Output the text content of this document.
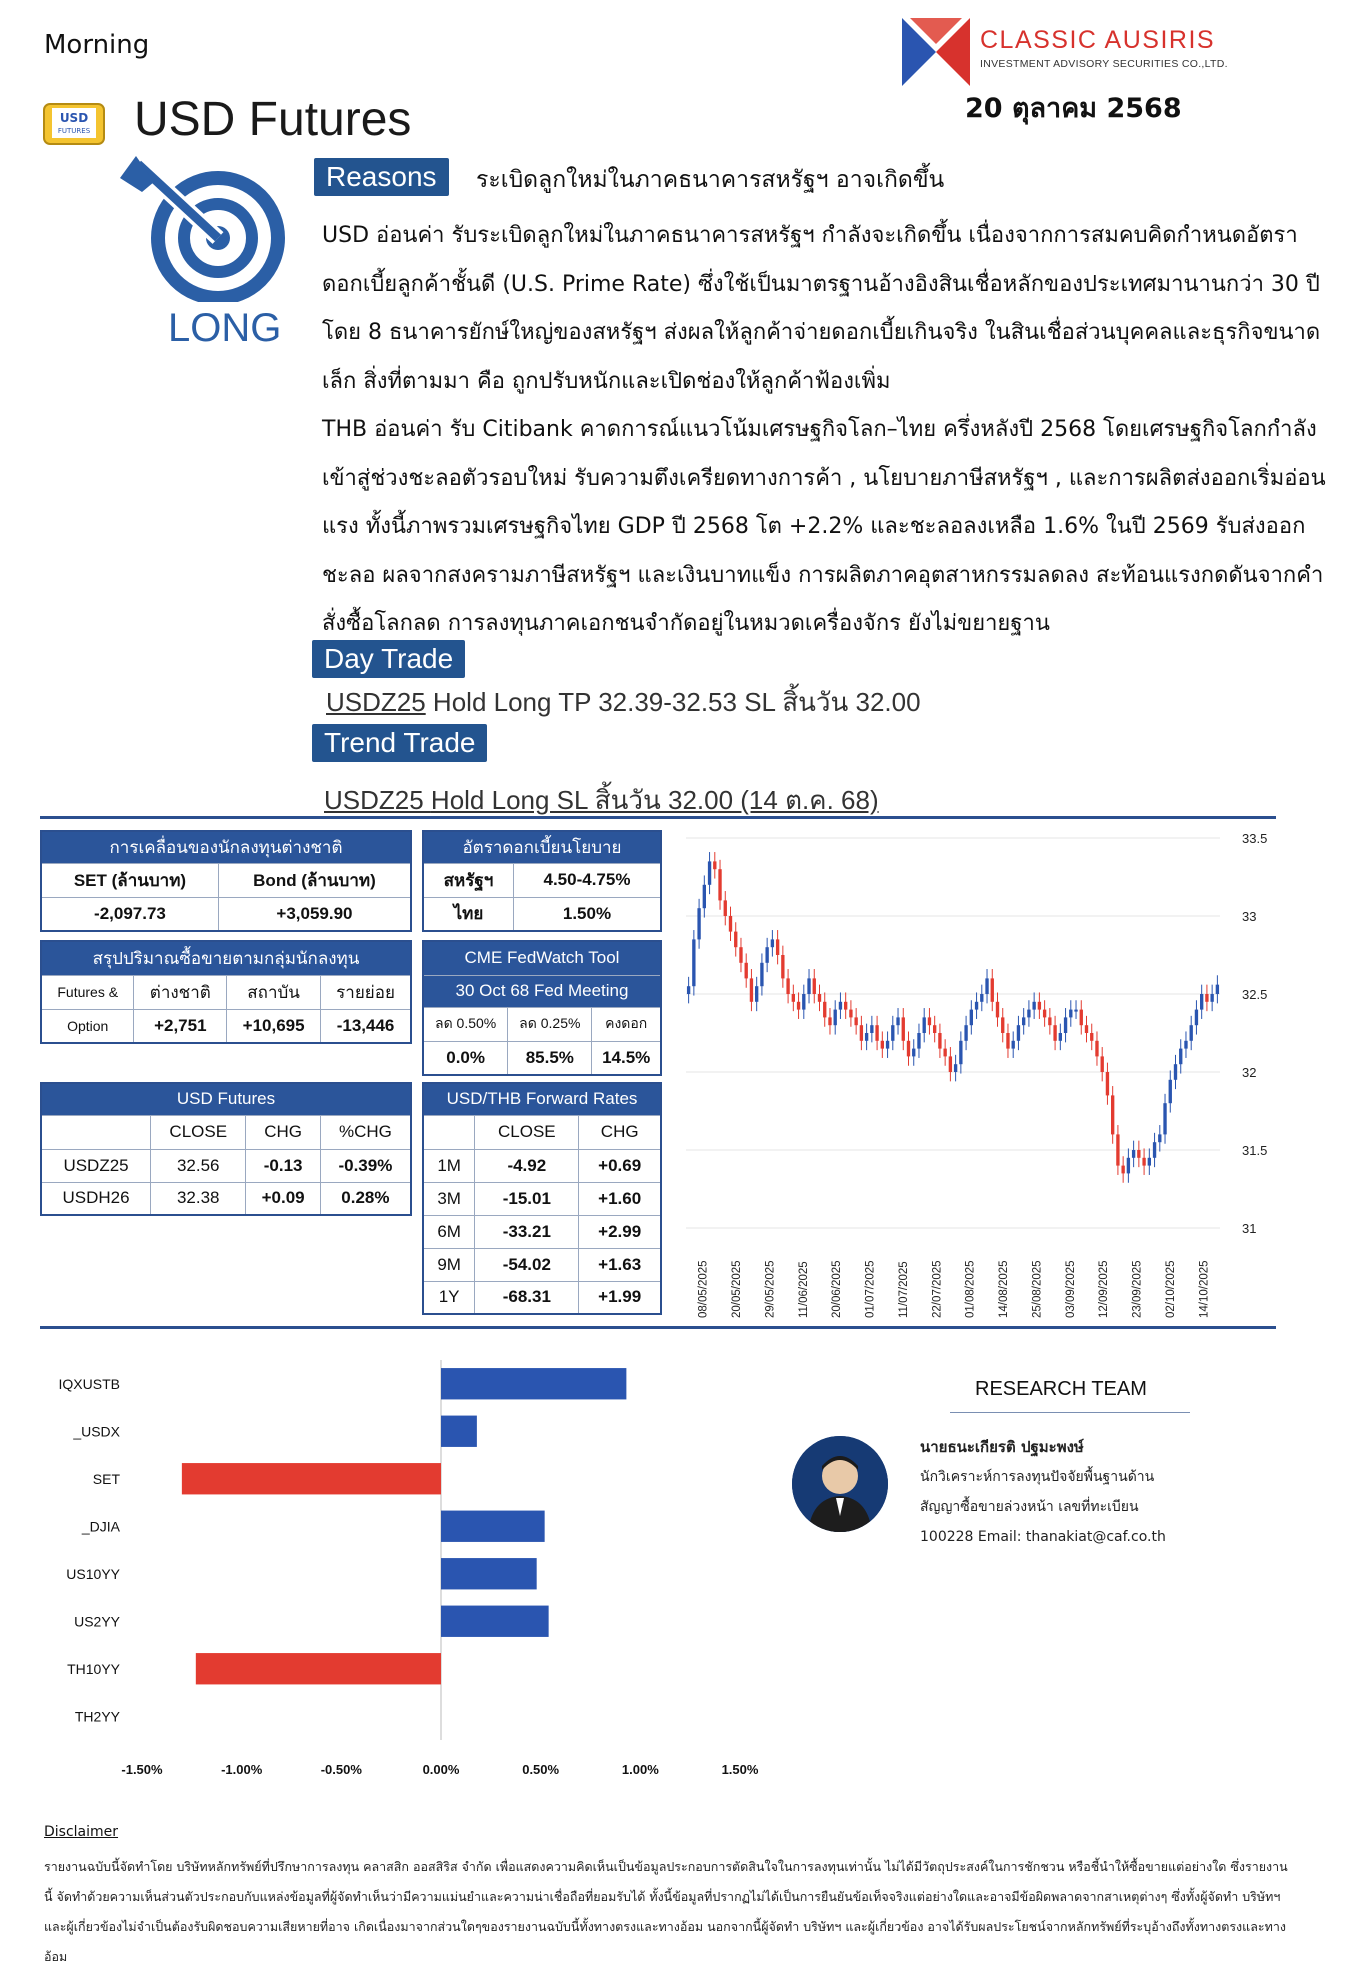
Morning	CLASSIC AUSIRIS
INVESTMENT ADVISORY SECURITIES CO.,LTD.
20 ตุลาคม 2568
USD
FUTURES USD Futures
LONG
Reasons	ระเบิดลูกใหม่ในภาคธนาคารสหรัฐฯ อาจเกิดขึ้น

USD อ่อนค่า รับระเบิดลูกใหม่ในภาคธนาคารสหรัฐฯ กำลังจะเกิดขึ้น เนื่องจากการสมคบคิดกำหนดอัตราดอกเบี้ยลูกค้าชั้นดี (U.S. Prime Rate) ซึ่งใช้เป็นมาตรฐานอ้างอิงสินเชื่อหลักของประเทศมานานกว่า 30 ปี โดย 8 ธนาคารยักษ์ใหญ่ของสหรัฐฯ ส่งผลให้ลูกค้าจ่ายดอกเบี้ยเกินจริง ในสินเชื่อส่วนบุคคลและธุรกิจขนาดเล็ก สิ่งที่ตามมา คือ ถูกปรับหนักและเปิดช่องให้ลูกค้าฟ้องเพิ่ม

THB อ่อนค่า รับ Citibank คาดการณ์แนวโน้มเศรษฐกิจโลก–ไทย ครึ่งหลังปี 2568 โดยเศรษฐกิจโลกกำลังเข้าสู่ช่วงชะลอตัวรอบใหม่ รับความตึงเครียดทางการค้า , นโยบายภาษีสหรัฐฯ , และการผลิตส่งออกเริ่มอ่อนแรง ทั้งนี้ภาพรวมเศรษฐกิจไทย GDP ปี 2568 โต +2.2% และชะลอลงเหลือ 1.6% ในปี 2569 รับส่งออกชะลอ ผลจากสงครามภาษีสหรัฐฯ และเงินบาทแข็ง การผลิตภาคอุตสาหกรรมลดลง สะท้อนแรงกดดันจากคำสั่งซื้อโลกลด การลงทุนภาคเอกชนจำกัดอยู่ในหมวดเครื่องจักร ยังไม่ขยายฐาน

Day Trade
USDZ25 Hold Long TP 32.39-32.53 SL สิ้นวัน 32.00
Trend Trade
USDZ25 Hold Long SL สิ้นวัน 32.00 (14 ต.ค. 68)
การเคลื่อนของนักลงทุนต่างชาติ	
SET (ล้านบาท)	Bond (ล้านบาท)
-2,097.73	+3,059.90
สรุปปริมาณซื้อขายตามกลุ่มนักลงทุน			
Futures &	ต่างชาติ	สถาบัน	รายย่อย
Option	+2,751	+10,695	-13,446
USD Futures			
	CLOSE	CHG	%CHG
USDZ25	32.56	-0.13	-0.39%
USDH26	32.38	+0.09	0.28%
อัตราดอกเบี้ยนโยบาย	
สหรัฐฯ	4.50-4.75%
ไทย	1.50%
CME FedWatch Tool		
30 Oct 68 Fed Meeting		
ลด 0.50%	ลด 0.25%	คงดอก
0.0%	85.5%	14.5%
USD/THB Forward Rates		
	CLOSE	CHG
1M	-4.92	+0.69
3M	-15.01	+1.60
6M	-33.21	+2.99
9M	-54.02	+1.63
1Y	-68.31	+1.99
33.5
33
32.5
32
31.5
31
08/05/2025 20/05/2025 29/05/2025 11/06/2025 20/06/2025 01/07/2025 11/07/2025 22/07/2025 01/08/2025 14/08/2025 25/08/2025 03/09/2025 12/09/2025 23/09/2025 02/10/2025 14/10/2025
IQXUSTB
_USDX
SET
_DJIA
US10YY
US2YY
TH10YY
TH2YY
-1.50%	-1.00%	-0.50%	0.00%	0.50%	1.00%	1.50%
RESEARCH TEAM
นายธนะเกียรติ ปฐมะพงษ์
นักวิเคราะห์การลงทุนปัจจัยพื้นฐานด้าน
สัญญาซื้อขายล่วงหน้า เลขที่ทะเบียน
100228 Email: thanakiat@caf.co.th
Disclaimer
รายงานฉบับนี้จัดทำโดย บริษัทหลักทรัพย์ที่ปรึกษาการลงทุน คลาสสิก ออสสิริส จำกัด เพื่อแสดงความคิดเห็นเป็นข้อมูลประกอบการตัดสินใจในการลงทุนเท่านั้น ไม่ได้มีวัตถุประสงค์ในการชักชวน หรือชี้นำให้ซื้อขายแต่อย่างใด ซึ่งรายงานนี้ จัดทำด้วยความเห็นส่วนตัวประกอบกับแหล่งข้อมูลที่ผู้จัดทำเห็นว่ามีความแม่นยำและความน่าเชื่อถือที่ยอมรับได้ ทั้งนี้ข้อมูลที่ปรากฏไม่ได้เป็นการยืนยันข้อเท็จจริงแต่อย่างใดและอาจมีข้อผิดพลาดจากสาเหตุต่างๆ ซึ่งทั้งผู้จัดทำ บริษัทฯ และผู้เกี่ยวข้องไม่จำเป็นต้องรับผิดชอบความเสียหายที่อาจ เกิดเนื่องมาจากส่วนใดๆของรายงานฉบับนี้ทั้งทางตรงและทางอ้อม นอกจากนี้ผู้จัดทำ บริษัทฯ และผู้เกี่ยวข้อง อาจได้รับผลประโยชน์จากหลักทรัพย์ที่ระบุอ้างถึงทั้งทางตรงและทางอ้อม
